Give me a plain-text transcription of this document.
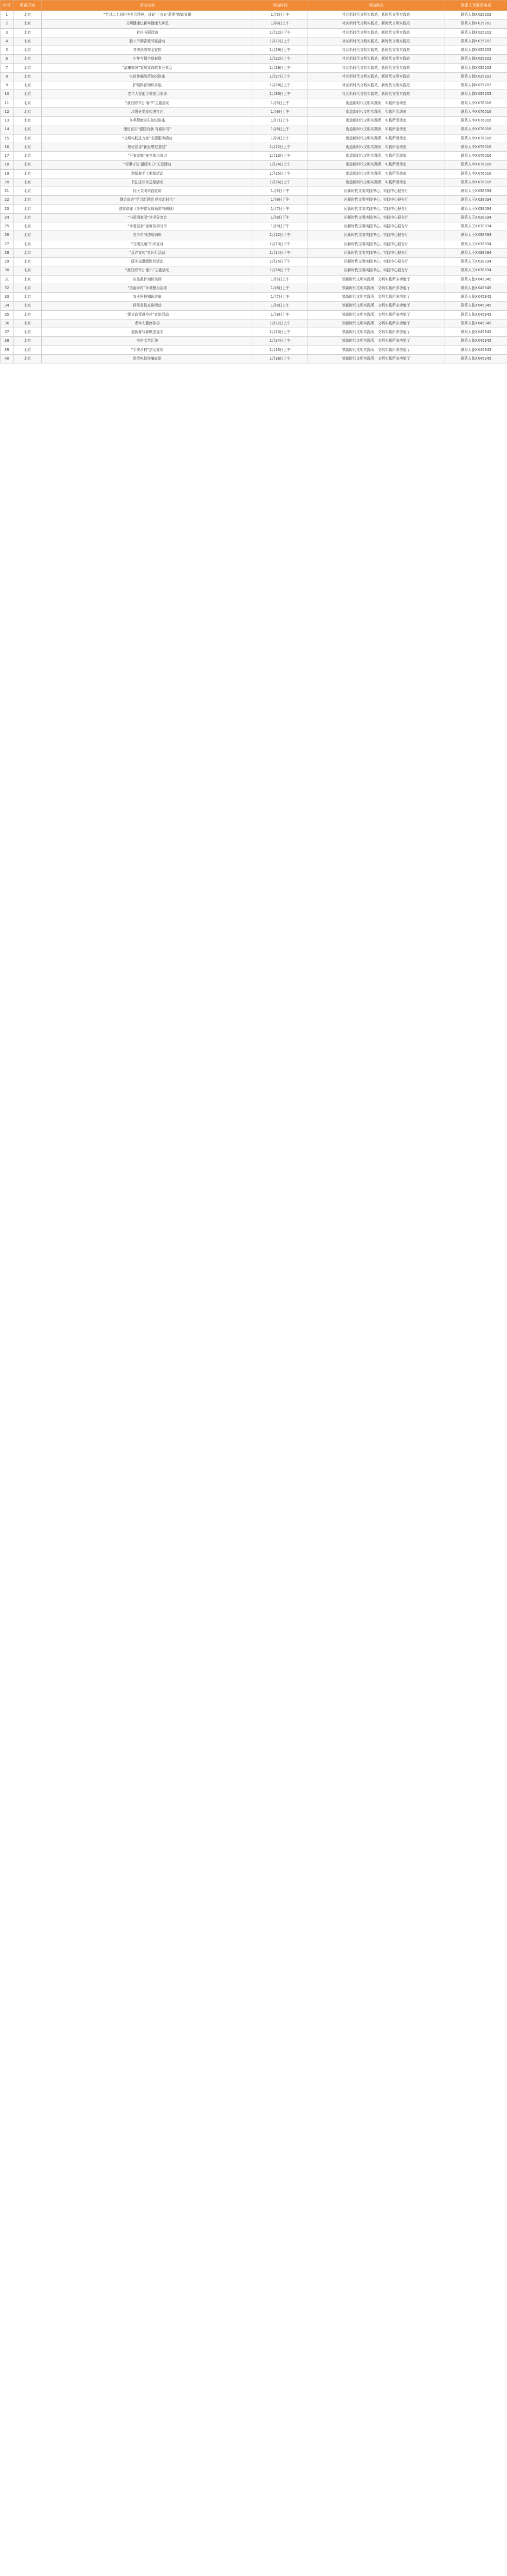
序号	所属区域	活动名称	活动时间	活动地点	联系人及联系电话
1	北京	“学习二十届四中全会精神，讲好‘十五五’蓝图”理论宣讲	1月5日上午	社区新时代文明实践站，新时代文明实践站	联系人韩XX35202
2	北京	文明健康过新年健康大讲堂	1月6日上午	社区新时代文明实践站，新时代文明实践站	联系人韩XX35202
3	北京	社区书画活动	1月12日下午	社区新时代文明实践站，新时代文明实践站	联系人韩XX35202
4	北京	腊八节粥香暖邻里活动	1月12日上午	社区新时代文明实践站，新时代文明实践站	联系人韩XX35202
5	北京	冬季消防安全宣传	1月19日上午	社区新时代文明实践站，新时代文明实践站	联系人韩XX35202
6	北京	小年写福字送春联	1月22日上午	社区新时代文明实践站，新时代文明实践站	联系人韩XX35202
7	北京	“清廉家风”家风家训故事分享会	1月26日上午	社区新时代文明实践站，新时代文明实践站	联系人韩XX35202
8	北京	电信诈骗防范知识讲座	1月27日上午	社区新时代文明实践站，新时代文明实践站	联系人韩XX35202
9	北京	护眼科普知识讲座	1月28日上午	社区新时代文明实践站，新时代文明实践站	联系人韩XX35202
10	北京	老年人智能手机使用培训	1月30日上午	社区新时代文明实践站，新时代文明实践站	联系人韩XX35202
11	北京	“我们的节日·春节”主题活动	1月5日上午	街道新时代文明实践所，实践所活动室	联系人李XX76016
12	北京	垃圾分类宣传进社区	1月6日上午	街道新时代文明实践所，实践所活动室	联系人李XX76016
13	北京	冬季健康养生知识讲座	1月7日上午	街道新时代文明实践所，实践所活动室	联系人李XX76016
14	北京	理论宣讲“强国有我 青春担当”	1月8日上午	街道新时代文明实践所，实践所活动室	联系人李XX76016
15	北京	“文明实践进万家”志愿服务活动	1月9日上午	街道新时代文明实践所，实践所活动室	联系人李XX76016
16	北京	理论宣讲“新思想进基层”	1月12日上午	街道新时代文明实践所，实践所活动室	联系人李XX76016
17	北京	“平安家庭”安全知识宣讲	1月13日上午	街道新时代文明实践所，实践所活动室	联系人李XX76016
18	北京	“邻里守望 温暖冬日”关爱活动	1月14日上午	街道新时代文明实践所，实践所活动室	联系人李XX76016
19	北京	迎新春手工剪纸活动	1月15日上午	街道新时代文明实践所，实践所活动室	联系人李XX76016
20	北京	书法进社区送福活动	1月16日上午	街道新时代文明实践所，实践所活动室	联系人李XX76016
21	北京	社区文明实践宣讲	1月5日下午	区新时代文明实践中心，实践中心报告厅	联系人王XX38034
22	北京	理论宣讲“学习新思想 建功新时代”	1月6日下午	区新时代文明实践中心，实践中心报告厅	联系人王XX38034
23	北京	健康讲座《冬季常见病预防与调理》	1月7日下午	区新时代文明实践中心，实践中心报告厅	联系人王XX38034
24	北京	“书香满家园”读书分享会	1月8日下午	区新时代文明实践中心，实践中心报告厅	联系人王XX38034
25	北京	“孝老爱亲”家庭故事分享	1月9日下午	区新时代文明实践中心，实践中心报告厅	联系人王XX38034
26	北京	青少年书法培训班	1月12日下午	区新时代文明实践中心，实践中心报告厅	联系人王XX38034
27	北京	“文明交通”知识宣讲	1月13日下午	区新时代文明实践中心，实践中心报告厅	联系人王XX38034
28	北京	“反诈宣传”社区行活动	1月14日下午	区新时代文明实践中心，实践中心报告厅	联系人王XX38034
29	北京	暖冬送温暖慰问活动	1月15日下午	区新时代文明实践中心，实践中心报告厅	联系人王XX38034
30	北京	“我们的节日·腊八”主题活动	1月16日下午	区新时代文明实践中心，实践中心报告厅	联系人王XX38034
31	北京	应急救护知识培训	1月5日上午	镇新时代文明实践所，文明实践所多功能厅	联系人张XX45345
32	北京	“美丽乡村”环境整治活动	1月6日上午	镇新时代文明实践所，文明实践所多功能厅	联系人张XX45345
33	北京	农业科技知识讲座	1月7日上午	镇新时代文明实践所，文明实践所多功能厅	联系人张XX45345
34	北京	移风易俗宣讲活动	1月8日上午	镇新时代文明实践所，文明实践所多功能厅	联系人张XX45345
35	北京	“理论政策进乡村”宣讲活动	1月9日上午	镇新时代文明实践所，文明实践所多功能厅	联系人张XX45345
36	北京	老年人健康体检	1月12日上午	镇新时代文明实践所，文明实践所多功能厅	联系人张XX45345
37	北京	迎新春写春联送福字	1月13日上午	镇新时代文明实践所，文明实践所多功能厅	联系人张XX45345
38	北京	乡村文艺汇演	1月14日上午	镇新时代文明实践所，文明实践所多功能厅	联系人张XX45345
39	北京	“平安乡村”法治宣传	1月15日上午	镇新时代文明实践所，文明实践所多功能厅	联系人张XX45345
40	北京	防范电信诈骗宣讲	1月16日上午	镇新时代文明实践所，文明实践所多功能厅	联系人张XX45345
